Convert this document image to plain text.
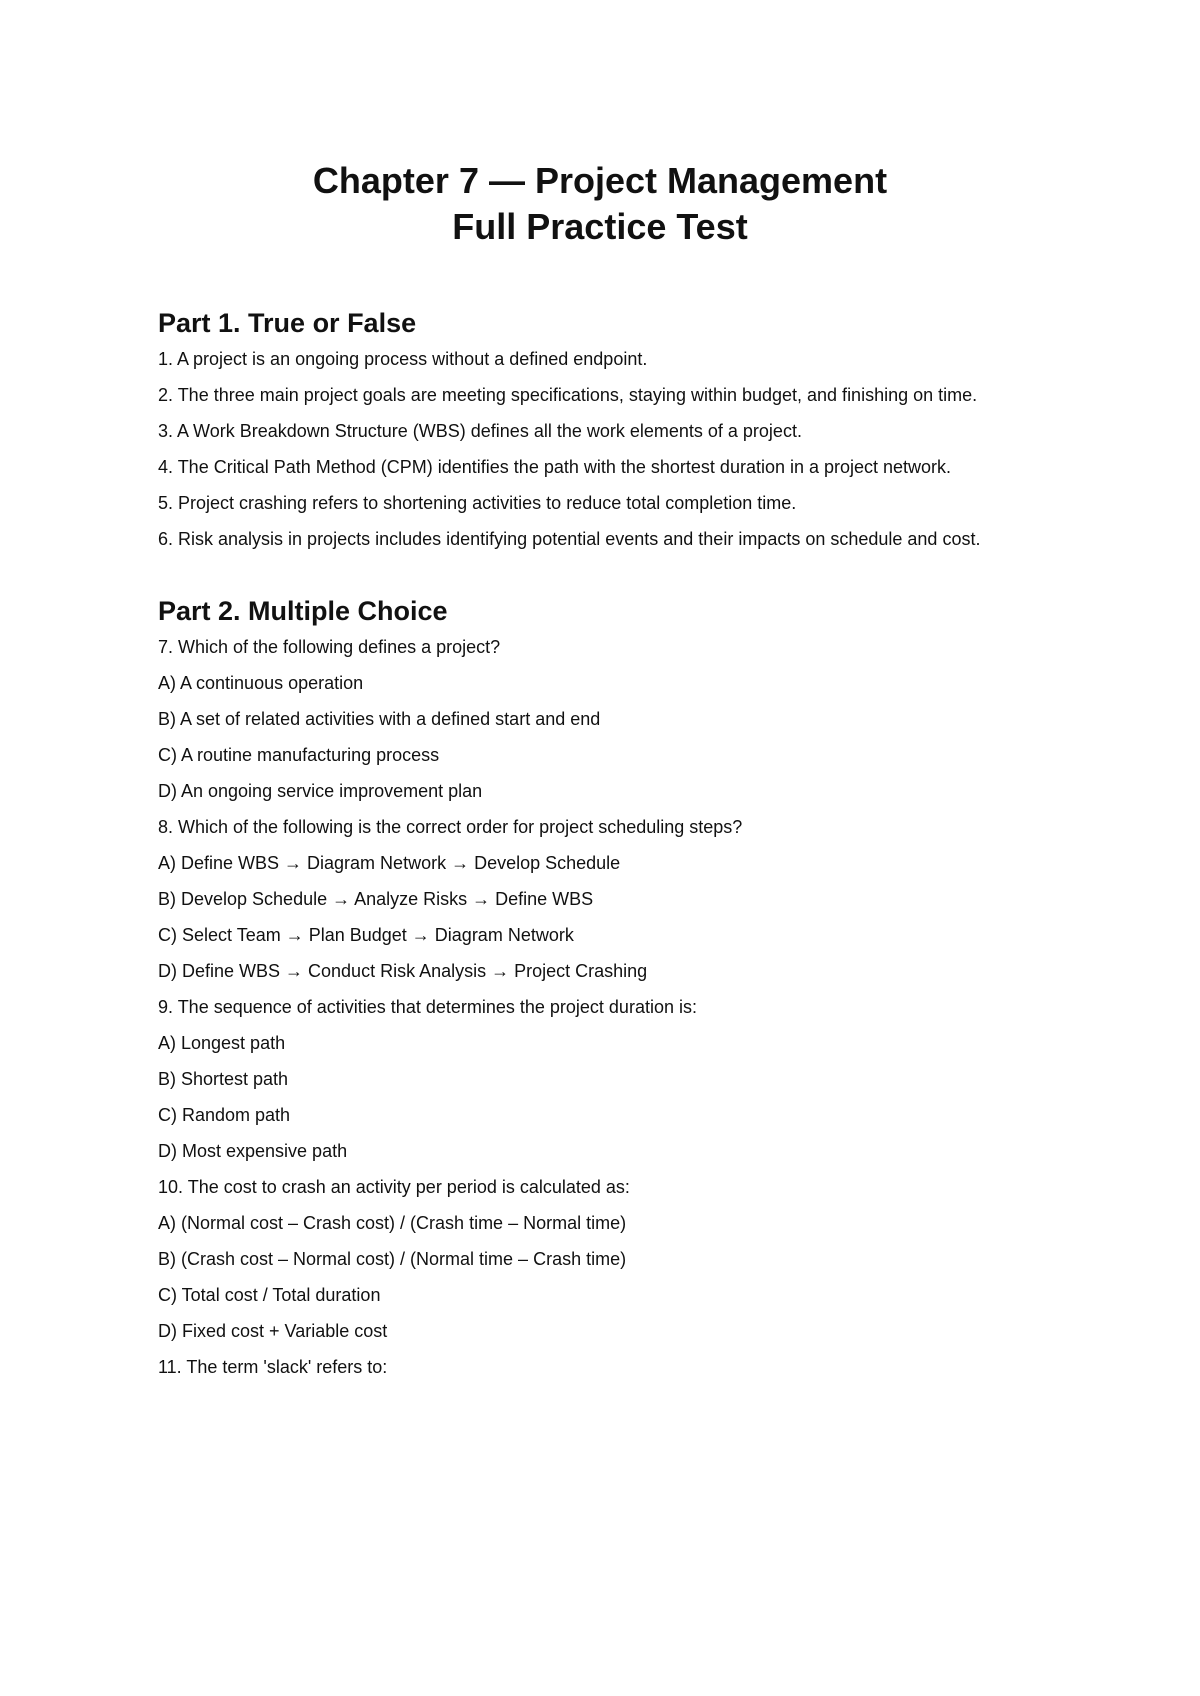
Chapter 7 — Project Management
Full Practice Test
Part 1. True or False
1. A project is an ongoing process without a defined endpoint.
2. The three main project goals are meeting specifications, staying within budget, and finishing on time.
3. A Work Breakdown Structure (WBS) defines all the work elements of a project.
4. The Critical Path Method (CPM) identifies the path with the shortest duration in a project network.
5. Project crashing refers to shortening activities to reduce total completion time.
6. Risk analysis in projects includes identifying potential events and their impacts on schedule and cost.
Part 2. Multiple Choice
7. Which of the following defines a project?
A) A continuous operation
B) A set of related activities with a defined start and end
C) A routine manufacturing process
D) An ongoing service improvement plan
8. Which of the following is the correct order for project scheduling steps?
A) Define WBS → Diagram Network → Develop Schedule
B) Develop Schedule → Analyze Risks → Define WBS
C) Select Team → Plan Budget → Diagram Network
D) Define WBS → Conduct Risk Analysis → Project Crashing
9. The sequence of activities that determines the project duration is:
A) Longest path
B) Shortest path
C) Random path
D) Most expensive path
10. The cost to crash an activity per period is calculated as:
A) (Normal cost – Crash cost) / (Crash time – Normal time)
B) (Crash cost – Normal cost) / (Normal time – Crash time)
C) Total cost / Total duration
D) Fixed cost + Variable cost
11. The term 'slack' refers to:
